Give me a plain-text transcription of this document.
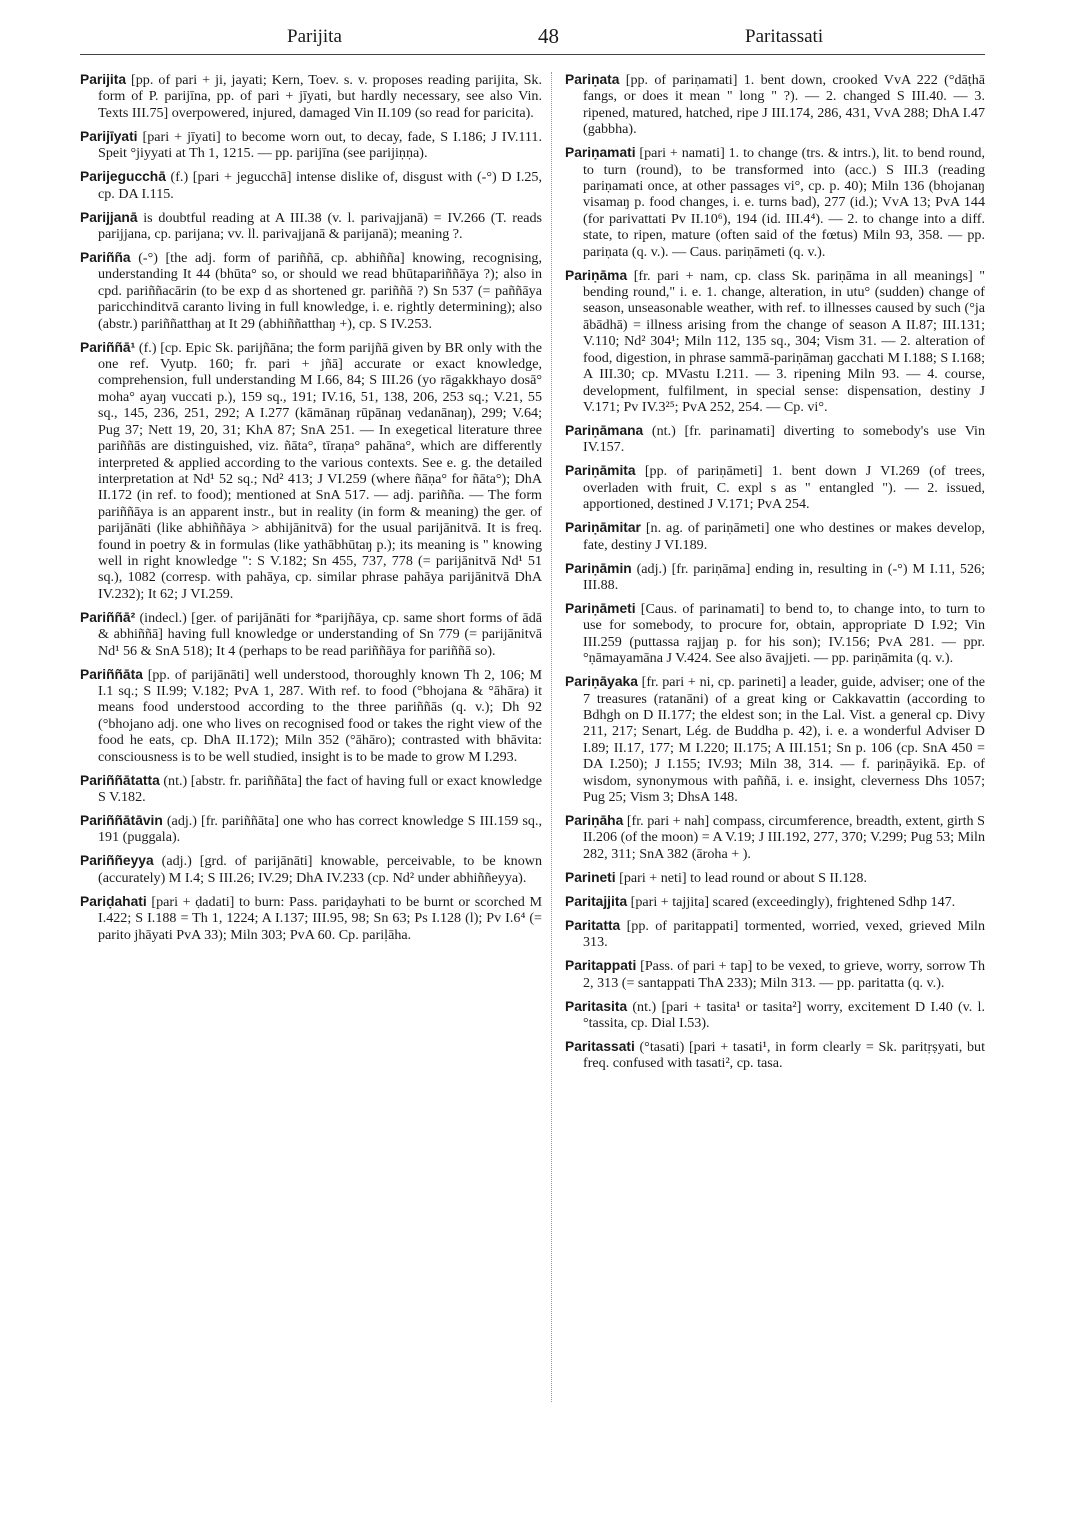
Parijita	48	Paritassati

Parijita [pp. of pari + ji, jayati; Kern, Toev. s. v. proposes reading parijita, Sk. form of P. parijīna, pp. of pari + jīyati, but hardly necessary, see also Vin. Texts III.75] overpowered, injured, damaged Vin II.109 (so read for paricita).

Parijīyati [pari + jīyati] to become worn out, to decay, fade, S I.186; J IV.111. Speit °jiyyati at Th 1, 1215. — pp. parijīna (see parijiṇṇa).

Parijegucchā (f.) [pari + jegucchā] intense dislike of, disgust with (-°) D I.25, cp. DA I.115.

Parijjanā is doubtful reading at A III.38 (v. l. parivajjanā) = IV.266 (T. reads parijjana, cp. parijana; vv. ll. parivajjanā & parijanā); meaning ?.

Pariñña (-°) [the adj. form of pariññā, cp. abhiñña] knowing, recognising, understanding It 44 (bhūta° so, or should we read bhūtapariññāya ?); also in cpd. pariññacārin (to be exp d as shortened gr. pariññā ?) Sn 537 (= paññāya paricchinditvā caranto living in full knowledge, i. e. rightly determining); also (abstr.) pariññatthaŋ at It 29 (abhiññatthaŋ +), cp. S IV.253.

Pariññā¹ (f.) [cp. Epic Sk. parijñāna; the form parijñā given by BR only with the one ref. Vyutp. 160; fr. pari + jñā] accurate or exact knowledge, comprehension, full understanding M I.66, 84; S III.26 (yo rāgakkhayo dosā° moha° ayaŋ vuccati p.), 159 sq., 191; IV.16, 51, 138, 206, 253 sq.; V.21, 55 sq., 145, 236, 251, 292; A I.277 (kāmānaŋ rūpānaŋ vedanānaŋ), 299; V.64; Pug 37; Nett 19, 20, 31; KhA 87; SnA 251. — In exegetical literature three pariññās are distinguished, viz. ñāta°, tīraṇa° pahāna°, which are differently interpreted & applied according to the various contexts. See e. g. the detailed interpretation at Nd¹ 52 sq.; Nd² 413; J VI.259 (where ñāṇa° for ñāta°); DhA II.172 (in ref. to food); mentioned at SnA 517. — adj. pariñña. — The form pariññāya is an apparent instr., but in reality (in form & meaning) the ger. of parijānāti (like abhiññāya > abhijānitvā) for the usual parijānitvā. It is freq. found in poetry & in formulas (like yathābhūtaŋ p.); its meaning is " knowing well in right knowledge ": S V.182; Sn 455, 737, 778 (= parijānitvā Nd¹ 51 sq.), 1082 (corresp. with pahāya, cp. similar phrase pahāya parijānitvā DhA IV.232); It 62; J VI.259.

Pariññā² (indecl.) [ger. of parijānāti for *parijñāya, cp. same short forms of ādā & abhiññā] having full knowledge or understanding of Sn 779 (= parijānitvā Nd¹ 56 & SnA 518); It 4 (perhaps to be read pariññāya for pariññā so).

Pariññāta [pp. of parijānāti] well understood, thoroughly known Th 2, 106; M I.1 sq.; S II.99; V.182; PvA 1, 287. With ref. to food (°bhojana & °āhāra) it means food understood according to the three pariññās (q. v.); Dh 92 (°bhojano adj. one who lives on recognised food or takes the right view of the food he eats, cp. DhA II.172); Miln 352 (°āhāro); contrasted with bhāvita: consciousness is to be well studied, insight is to be made to grow M I.293.

Pariññātatta (nt.) [abstr. fr. pariññāta] the fact of having full or exact knowledge S V.182.

Pariññātāvin (adj.) [fr. pariññāta] one who has correct knowledge S III.159 sq., 191 (puggala).

Pariññeyya (adj.) [grd. of parijānāti] knowable, perceivable, to be known (accurately) M I.4; S III.26; IV.29; DhA IV.233 (cp. Nd² under abhiññeyya).

Pariḍahati [pari + ḍadati] to burn: Pass. pariḍayhati to be burnt or scorched M I.422; S I.188 = Th 1, 1224; A I.137; III.95, 98; Sn 63; Ps I.128 (l); Pv I.6⁴ (= parito jhāyati PvA 33); Miln 303; PvA 60. Cp. pariḷāha.

Pariṇata [pp. of pariṇamati] 1. bent down, crooked VvA 222 (°dāṭhā fangs, or does it mean " long " ?). — 2. changed S III.40. — 3. ripened, matured, hatched, ripe J III.174, 286, 431, VvA 288; DhA I.47 (gabbha).

Pariṇamati [pari + namati] 1. to change (trs. & intrs.), lit. to bend round, to turn (round), to be transformed into (acc.) S III.3 (reading pariṇamati once, at other passages vi°, cp. p. 40); Miln 136 (bhojanaŋ visamaŋ p. food changes, i. e. turns bad), 277 (id.); VvA 13; PvA 144 (for parivattati Pv II.10⁶), 194 (id. III.4⁴). — 2. to change into a diff. state, to ripen, mature (often said of the fœtus) Miln 93, 358. — pp. pariṇata (q. v.). — Caus. pariṇāmeti (q. v.).

Pariṇāma [fr. pari + nam, cp. class Sk. pariṇāma in all meanings] " bending round," i. e. 1. change, alteration, in utu° (sudden) change of season, unseasonable weather, with ref. to illnesses caused by such (°ja ābādhā) = illness arising from the change of season A II.87; III.131; V.110; Nd² 304¹; Miln 112, 135 sq., 304; Vism 31. — 2. alteration of food, digestion, in phrase sammā-pariṇāmaŋ gacchati M I.188; S I.168; A III.30; cp. MVastu I.211. — 3. ripening Miln 93. — 4. course, development, fulfilment, in special sense: dispensation, destiny J V.171; Pv IV.3²⁵; PvA 252, 254. — Cp. vi°.

Pariṇāmana (nt.) [fr. parinamati] diverting to somebody's use Vin IV.157.

Pariṇāmita [pp. of pariṇāmeti] 1. bent down J VI.269 (of trees, overladen with fruit, C. expl s as " entangled "). — 2. issued, apportioned, destined J V.171; PvA 254.

Pariṇāmitar [n. ag. of pariṇāmeti] one who destines or makes develop, fate, destiny J VI.189.

Pariṇāmin (adj.) [fr. pariṇāma] ending in, resulting in (-°) M I.11, 526; III.88.

Pariṇāmeti [Caus. of parinamati] to bend to, to change into, to turn to use for somebody, to procure for, obtain, appropriate D I.92; Vin III.259 (puttassa rajjaŋ p. for his son); IV.156; PvA 281. — ppr. °ṇāmayamāna J V.424. See also āvajjeti. — pp. pariṇāmita (q. v.).

Pariṇāyaka [fr. pari + ni, cp. parineti] a leader, guide, adviser; one of the 7 treasures (ratanāni) of a great king or Cakkavattin (according to Bdhgh on D II.177; the eldest son; in the Lal. Vist. a general cp. Divy 211, 217; Senart, Lég. de Buddha p. 42), i. e. a wonderful Adviser D I.89; II.17, 177; M I.220; II.175; A III.151; Sn p. 106 (cp. SnA 450 = DA I.250); J I.155; IV.93; Miln 38, 314. — f. pariṇāyikā. Ep. of wisdom, synonymous with paññā, i. e. insight, cleverness Dhs 1057; Pug 25; Vism 3; DhsA 148.

Pariṇāha [fr. pari + nah] compass, circumference, breadth, extent, girth S II.206 (of the moon) = A V.19; J III.192, 277, 370; V.299; Pug 53; Miln 282, 311; SnA 382 (āroha + ).

Parineti [pari + neti] to lead round or about S II.128.

Paritajjita [pari + tajjita] scared (exceedingly), frightened Sdhp 147.

Paritatta [pp. of paritappati] tormented, worried, vexed, grieved Miln 313.

Paritappati [Pass. of pari + tap] to be vexed, to grieve, worry, sorrow Th 2, 313 (= santappati ThA 233); Miln 313. — pp. paritatta (q. v.).

Paritasita (nt.) [pari + tasita¹ or tasita²] worry, excitement D I.40 (v. l. °tassita, cp. Dial I.53).

Paritassati (°tasati) [pari + tasati¹, in form clearly = Sk. paritṛṣyati, but freq. confused with tasati², cp. tasa.
